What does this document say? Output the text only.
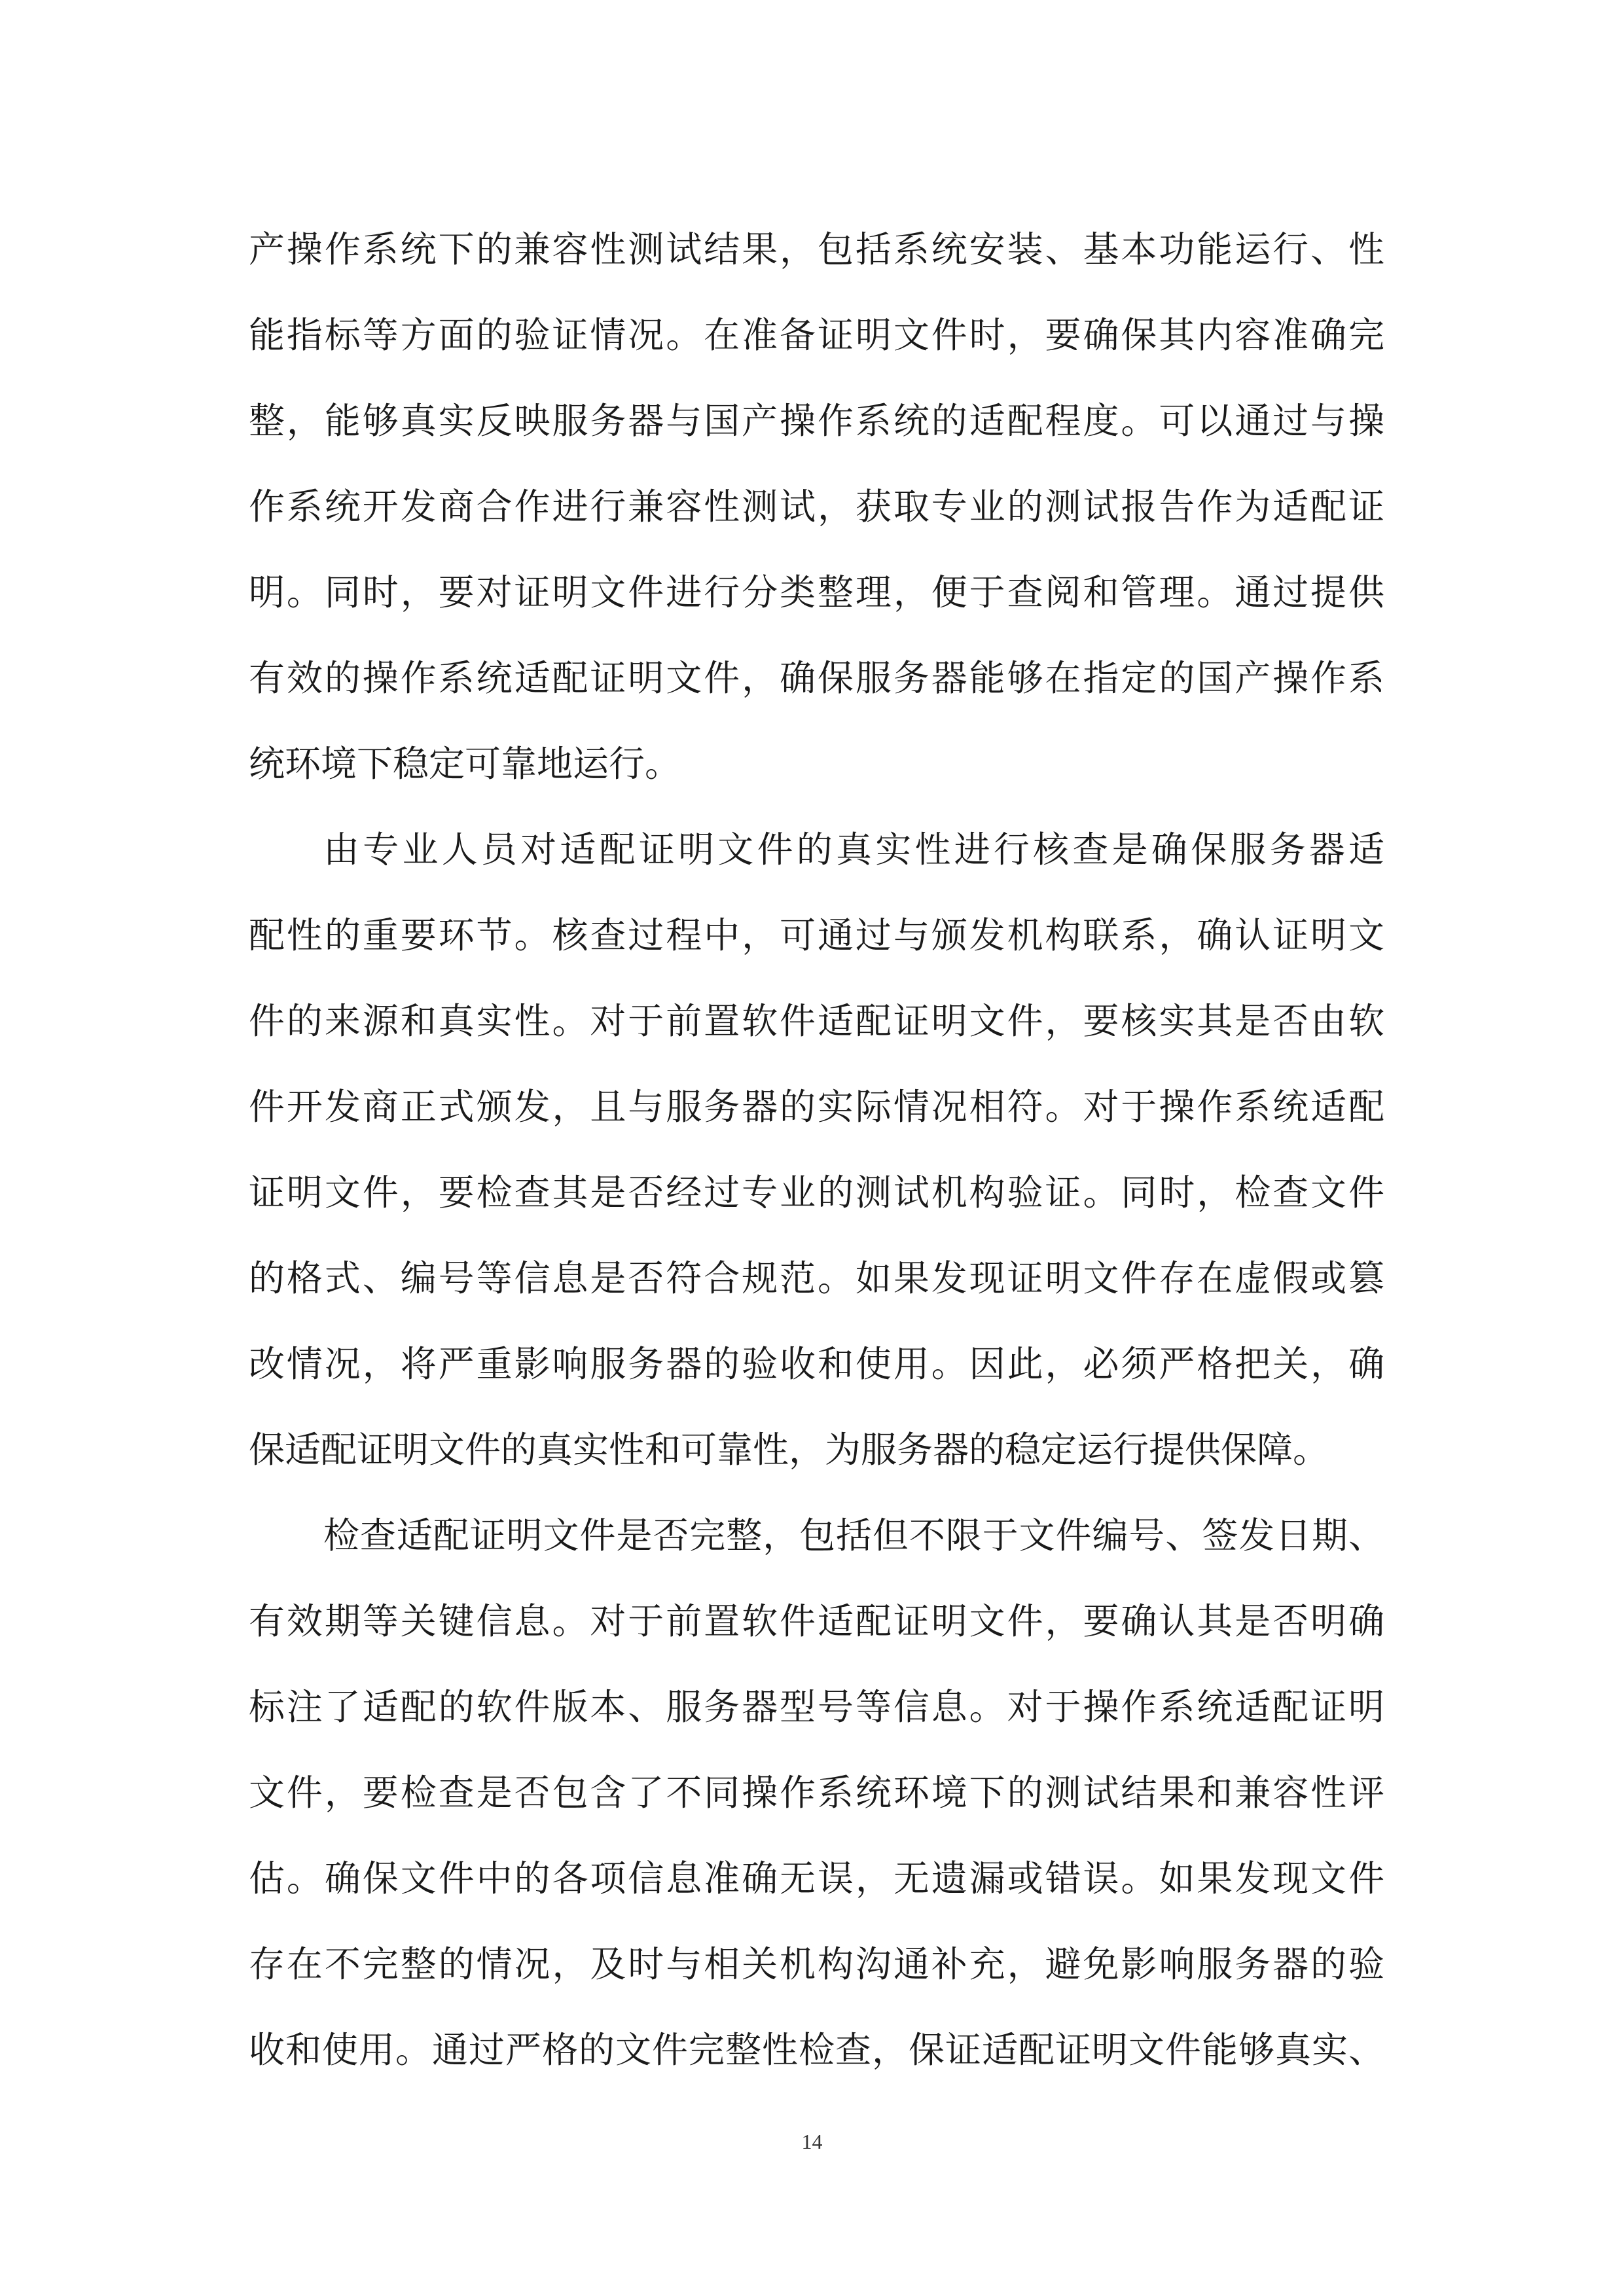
产操作系统下的兼容性测试结果，包括系统安装、基本功能运行、性
能指标等方面的验证情况。在准备证明文件时，要确保其内容准确完
整，能够真实反映服务器与国产操作系统的适配程度。可以通过与操
作系统开发商合作进行兼容性测试，获取专业的测试报告作为适配证
明。同时，要对证明文件进行分类整理，便于查阅和管理。通过提供
有效的操作系统适配证明文件，确保服务器能够在指定的国产操作系
统环境下稳定可靠地运行。
由专业人员对适配证明文件的真实性进行核查是确保服务器适
配性的重要环节。核查过程中，可通过与颁发机构联系，确认证明文
件的来源和真实性。对于前置软件适配证明文件，要核实其是否由软
件开发商正式颁发，且与服务器的实际情况相符。对于操作系统适配
证明文件，要检查其是否经过专业的测试机构验证。同时，检查文件
的格式、编号等信息是否符合规范。如果发现证明文件存在虚假或篡
改情况，将严重影响服务器的验收和使用。因此，必须严格把关，确
保适配证明文件的真实性和可靠性，为服务器的稳定运行提供保障。
检查适配证明文件是否完整，包括但不限于文件编号、签发日期、
有效期等关键信息。对于前置软件适配证明文件，要确认其是否明确
标注了适配的软件版本、服务器型号等信息。对于操作系统适配证明
文件，要检查是否包含了不同操作系统环境下的测试结果和兼容性评
估。确保文件中的各项信息准确无误，无遗漏或错误。如果发现文件
存在不完整的情况，及时与相关机构沟通补充，避免影响服务器的验
收和使用。通过严格的文件完整性检查，保证适配证明文件能够真实、
14
